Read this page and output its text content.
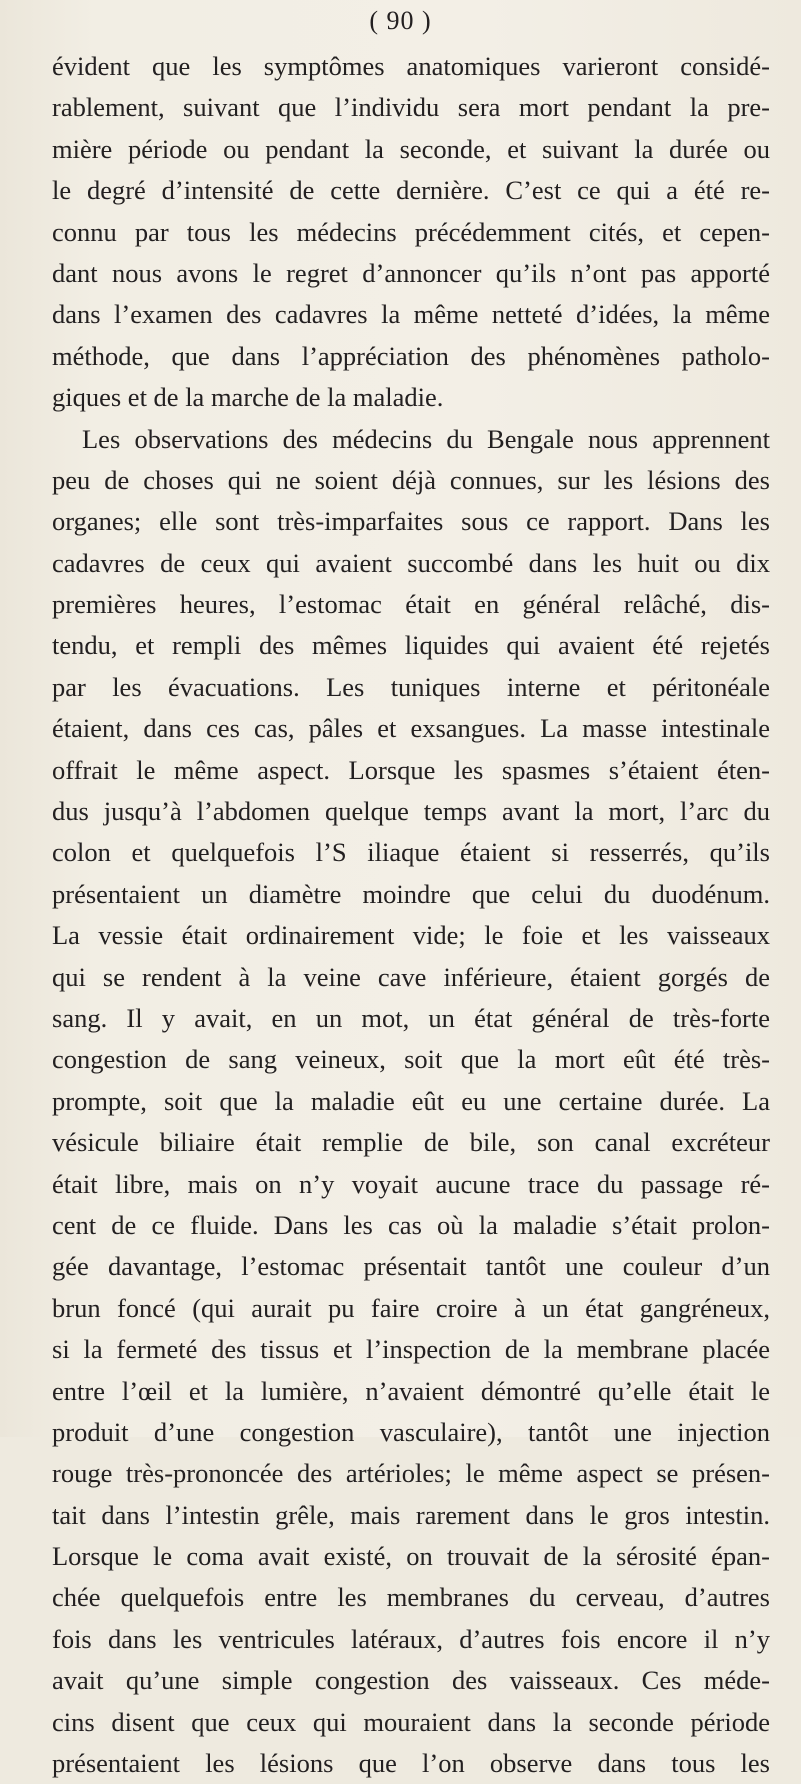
( 90 )
évident que les symptômes anatomiques varieront considé-
rablement, suivant que l’individu sera mort pendant la pre-
mière période ou pendant la seconde, et suivant la durée ou
le degré d’intensité de cette dernière. C’est ce qui a été re-
connu par tous les médecins précédemment cités, et cepen-
dant nous avons le regret d’annoncer qu’ils n’ont pas apporté
dans l’examen des cadavres la même netteté d’idées, la même
méthode, que dans l’appréciation des phénomènes patholo-
giques et de la marche de la maladie.
Les observations des médecins du Bengale nous apprennent
peu de choses qui ne soient déjà connues, sur les lésions des
organes; elle sont très-imparfaites sous ce rapport. Dans les
cadavres de ceux qui avaient succombé dans les huit ou dix
premières heures, l’estomac était en général relâché, dis-
tendu, et rempli des mêmes liquides qui avaient été rejetés
par les évacuations. Les tuniques interne et péritonéale
étaient, dans ces cas, pâles et exsangues. La masse intestinale
offrait le même aspect. Lorsque les spasmes s’étaient éten-
dus jusqu’à l’abdomen quelque temps avant la mort, l’arc du
colon et quelquefois l’S iliaque étaient si resserrés, qu’ils
présentaient un diamètre moindre que celui du duodénum.
La vessie était ordinairement vide; le foie et les vaisseaux
qui se rendent à la veine cave inférieure, étaient gorgés de
sang. Il y avait, en un mot, un état général de très-forte
congestion de sang veineux, soit que la mort eût été très-
prompte, soit que la maladie eût eu une certaine durée. La
vésicule biliaire était remplie de bile, son canal excréteur
était libre, mais on n’y voyait aucune trace du passage ré-
cent de ce fluide. Dans les cas où la maladie s’était prolon-
gée davantage, l’estomac présentait tantôt une couleur d’un
brun foncé (qui aurait pu faire croire à un état gangréneux,
si la fermeté des tissus et l’inspection de la membrane placée
entre l’œil et la lumière, n’avaient démontré qu’elle était le
produit d’une congestion vasculaire), tantôt une injection
rouge très-prononcée des artérioles; le même aspect se présen-
tait dans l’intestin grêle, mais rarement dans le gros intestin.
Lorsque le coma avait existé, on trouvait de la sérosité épan-
chée quelquefois entre les membranes du cerveau, d’autres
fois dans les ventricules latéraux, d’autres fois encore il n’y
avait qu’une simple congestion des vaisseaux. Ces méde-
cins disent que ceux qui mouraient dans la seconde période
présentaient les lésions que l’on observe dans tous les
